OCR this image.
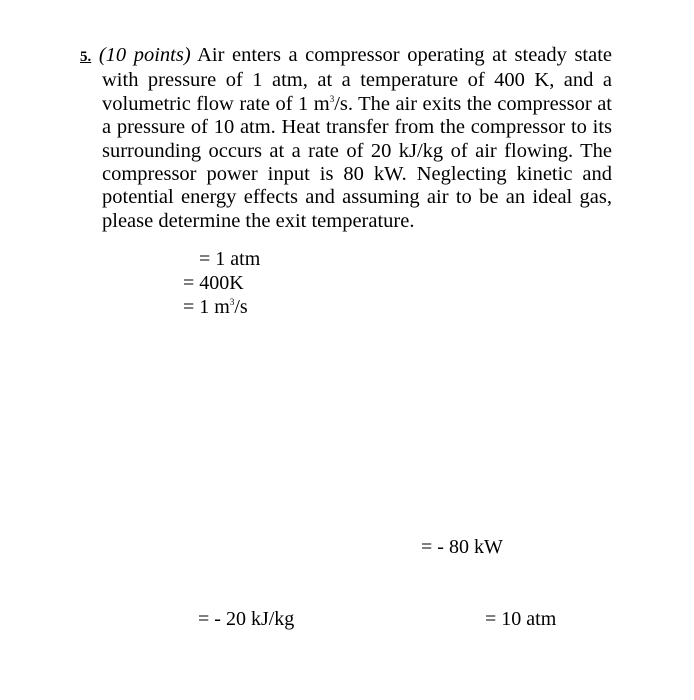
5. (10 points) Air enters a compressor operating at steady state with pressure of 1 atm, at a temperature of 400 K, and a volumetric flow rate of 1 $m^3/s$. The air exits the compressor at a pressure of 10 atm. Heat transfer from the compressor to its surrounding occurs at a rate of 20 kJ/kg of air flowing. The compressor power input is 80 kW. Neglecting kinetic and potential energy effects and assuming air to be an ideal gas, please determine the exit temperature.

= 1 atm
= 400K
= 1 $m^3/s$
= - 80 kW
= - 20 kJ/kg	= 10 atm
